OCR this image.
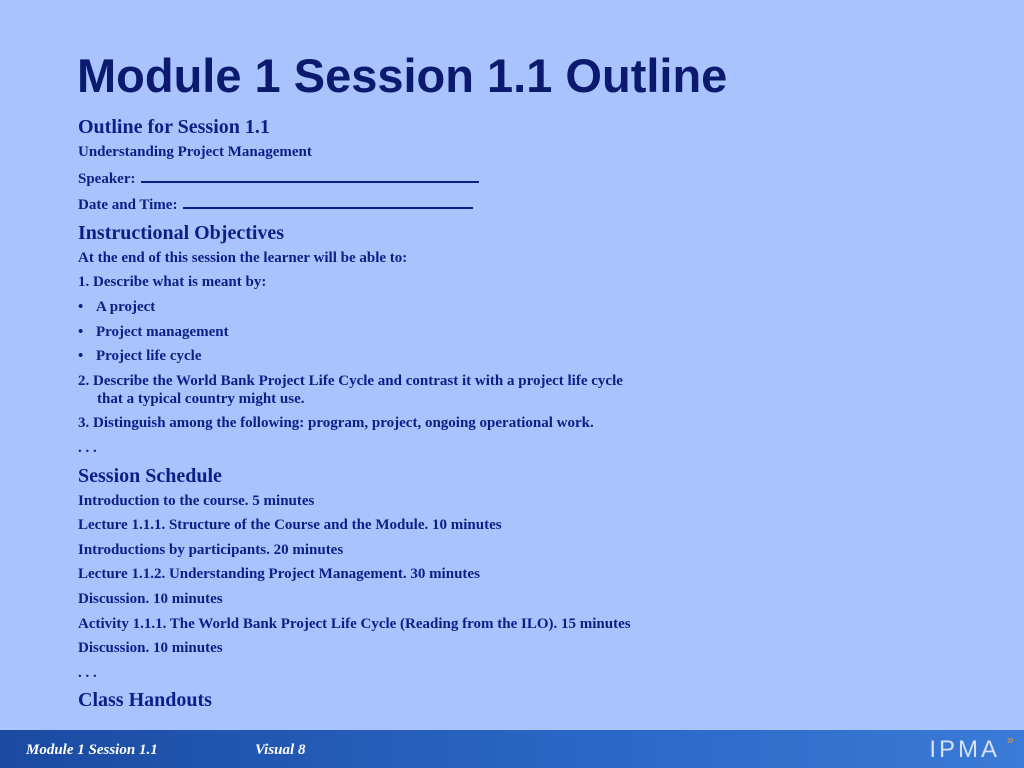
Module 1 Session 1.1 Outline
Outline for Session 1.1
Understanding Project Management
Speaker:
Date and Time:
Instructional Objectives
At the end of this session the learner will be able to:
1. Describe what is meant by:
• A project
• Project management
• Project life cycle
2. Describe the World Bank Project Life Cycle and contrast it with a project life cycle
that a typical country might use.
3. Distinguish among the following: program, project, ongoing operational work.
. . .
Session Schedule
Introduction to the course. 5 minutes
Lecture 1.1.1. Structure of the Course and the Module. 10 minutes
Introductions by participants. 20 minutes
Lecture 1.1.2. Understanding Project Management. 30 minutes
Discussion. 10 minutes
Activity 1.1.1. The World Bank Project Life Cycle (Reading from the ILO). 15 minutes
Discussion. 10 minutes
. . .
Class Handouts
Module 1 Session 1.1	Visual 8	IPMA »
